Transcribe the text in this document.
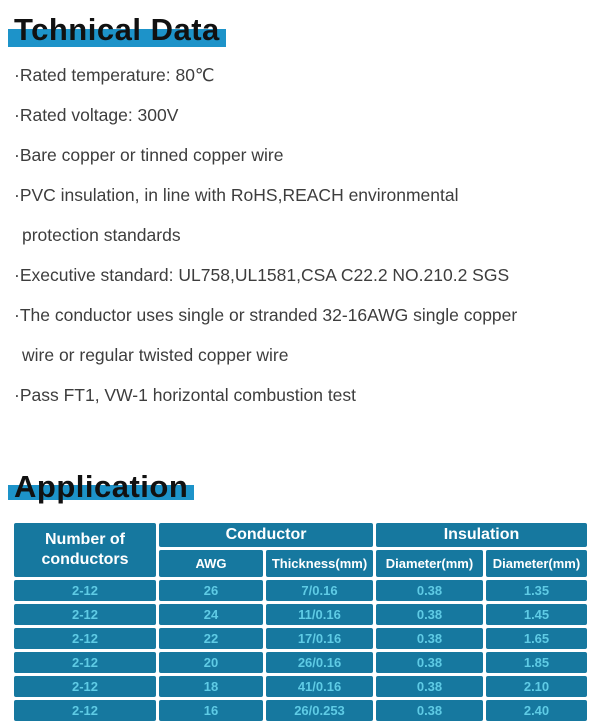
Tchnical Data
·Rated temperature: 80℃
·Rated voltage: 300V
·Bare copper or tinned copper wire
·PVC insulation, in line with RoHS,REACH environmental
protection standards
·Executive standard: UL758,UL1581,CSA C22.2 NO.210.2 SGS
·The conductor uses single or stranded 32-16AWG single copper
wire or regular twisted copper wire
·Pass FT1, VW-1 horizontal combustion test
Application
Number of conductors	Conductor		Insulation	
	AWG	Thickness(mm)	Diameter(mm)	Diameter(mm)
2-12	26	7/0.16	0.38	1.35
2-12	24	11/0.16	0.38	1.45
2-12	22	17/0.16	0.38	1.65
2-12	20	26/0.16	0.38	1.85
2-12	18	41/0.16	0.38	2.10
2-12	16	26/0.253	0.38	2.40
